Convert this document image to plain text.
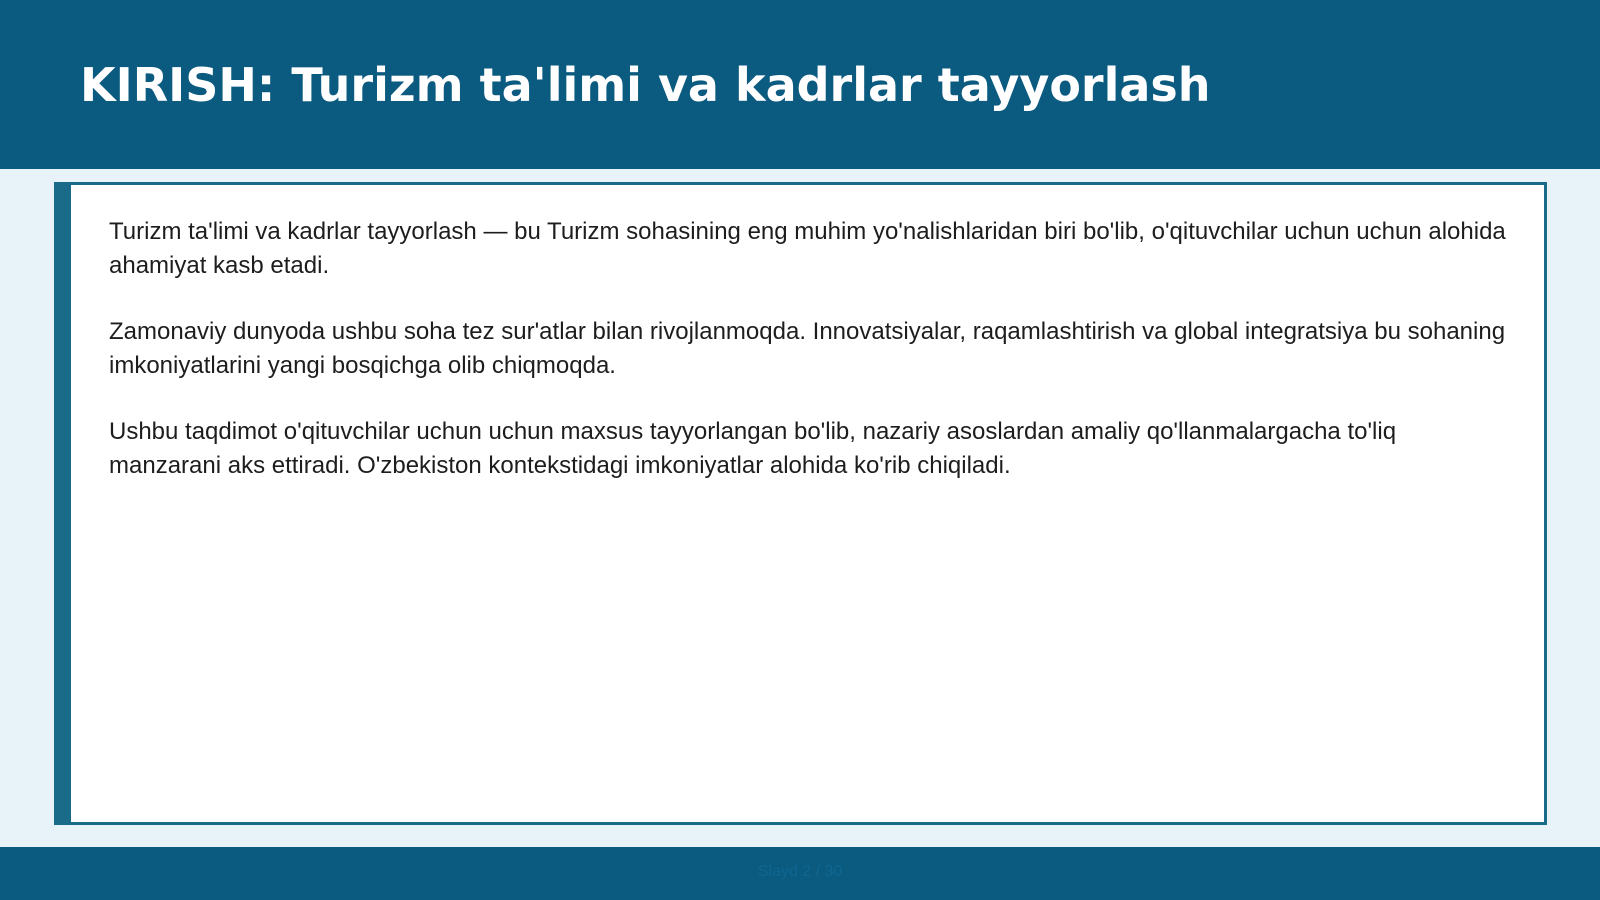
KIRISH: Turizm ta'limi va kadrlar tayyorlash

Turizm ta'limi va kadrlar tayyorlash — bu Turizm sohasining eng muhim yo'nalishlaridan biri bo'lib, o'qituvchilar uchun uchun alohida ahamiyat kasb etadi.

Zamonaviy dunyoda ushbu soha tez sur'atlar bilan rivojlanmoqda. Innovatsiyalar, raqamlashtirish va global integratsiya bu sohaning imkoniyatlarini yangi bosqichga olib chiqmoqda.

Ushbu taqdimot o'qituvchilar uchun uchun maxsus tayyorlangan bo'lib, nazariy asoslardan amaliy qo'llanmalargacha to'liq manzarani aks ettiradi. O'zbekiston kontekstidagi imkoniyatlar alohida ko'rib chiqiladi.

Slayd 2 / 30
